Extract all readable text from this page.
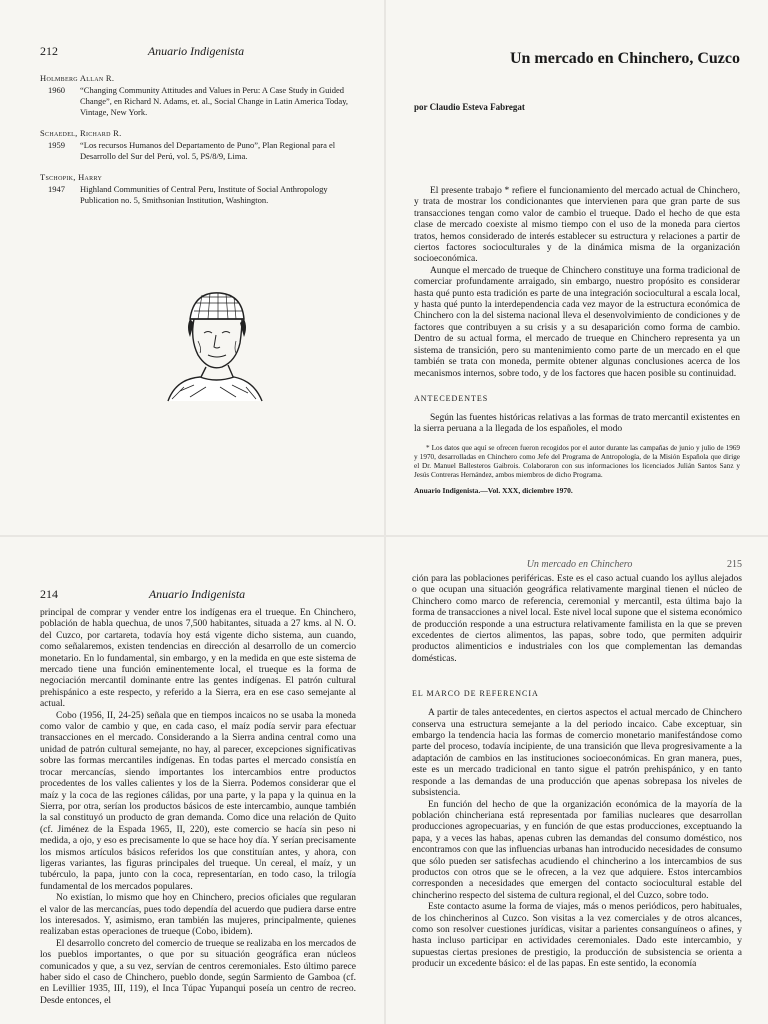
212	Anuario Indigenista
Holmberg Allan R.
1960	“Changing Community Attitudes and Values in Peru: A Case Study in Guided Change”, en Richard N. Adams, et. al., Social Change in Latin America Today, Vintage, New York.
Schaedel, Richard R.
1959	“Los recursos Humanos del Departamento de Puno”, Plan Regional para el Desarrollo del Sur del Perú, vol. 5, PS/8/9, Lima.
Tschopik, Harry
1947	Highland Communities of Central Peru, Institute of Social Anthropology Publication no. 5, Smithsonian Institution, Washington.
Un mercado en Chinchero, Cuzco
por Claudio Esteva Fabregat

El presente trabajo * refiere el funcionamiento del mercado actual de Chinchero, y trata de mostrar los condicionantes que intervienen para que gran parte de sus transacciones tengan como valor de cambio el trueque. Dado el hecho de que esta clase de mercado coexiste al mismo tiempo con el uso de la moneda para ciertos tratos, hemos considerado de interés establecer su estructura y relaciones a partir de ciertos factores socioculturales y de la dinámica misma de la organización socioeconómica.

Aunque el mercado de trueque de Chinchero constituye una forma tradicional de comerciar profundamente arraigado, sin embargo, nuestro propósito es considerar hasta qué punto esta tradición es parte de una integración sociocultural a escala local, y hasta qué punto la interdependencia cada vez mayor de la estructura económica de Chinchero con la del sistema nacional lleva el desenvolvimiento de condiciones y de factores que contribuyen a su crisis y a su desaparición como forma de cambio. Dentro de su actual forma, el mercado de trueque en Chinchero representa ya un sistema de transición, pero su mantenimiento como parte de un mercado en el que también se trata con moneda, permite obtener algunas conclusiones acerca de los mecanismos internos, sobre todo, y de los factores que hacen posible su continuidad.

ANTECEDENTES

Según las fuentes históricas relativas a las formas de trato mercantil existentes en la sierra peruana a la llegada de los españoles, el modo

* Los datos que aquí se ofrecen fueron recogidos por el autor durante las campañas de junio y julio de 1969 y 1970, desarrolladas en Chinchero como Jefe del Programa de Antropología, de la Misión Española que dirige el Dr. Manuel Ballesteros Gaibrois. Colaboraron con sus informaciones los licenciados Julián Santos Sanz y Jesús Contreras Hernández, ambos miembros de dicho Programa.
Anuario Indigenista.—Vol. XXX, diciembre 1970.
214	Anuario Indigenista

principal de comprar y vender entre los indígenas era el trueque. En Chinchero, población de habla quechua, de unos 7,500 habitantes, situada a 27 kms. al N. O. del Cuzco, por cartareta, todavía hoy está vigente dicho sistema, aun cuando, como señalaremos, existen tendencias en dirección al desarrollo de un comercio monetario. En lo fundamental, sin embargo, y en la medida en que este sistema de mercado tiene una función eminentemente local, el trueque es la forma de negociación mercantil dominante entre las gentes indígenas. El patrón cultural prehispánico a este respecto, y referido a la Sierra, era en ese caso semejante al actual.

Cobo (1956, II, 24-25) señala que en tiempos incaicos no se usaba la moneda como valor de cambio y que, en cada caso, el maíz podía servir para efectuar transacciones en el mercado. Considerando a la Sierra andina central como una unidad de patrón cultural semejante, no hay, al parecer, excepciones significativas sobre las formas mercantiles indígenas. En todas partes el mercado consistía en trocar mercancías, siendo importantes los intercambios entre productos procedentes de los valles calientes y los de la Sierra. Podemos considerar que el maíz y la coca de las regiones cálidas, por una parte, y la papa y la quinua en la Sierra, por otra, serían los productos básicos de este intercambio, aunque también la sal constituyó un producto de gran demanda. Como dice una relación de Quito (cf. Jiménez de la Espada 1965, II, 220), este comercio se hacía sin peso ni medida, a ojo, y eso es precisamente lo que se hace hoy día. Y serían precisamente los mismos artículos básicos referidos los que constituían antes, y ahora, con ligeras variantes, las figuras principales del trueque. Un cereal, el maíz, y un tubérculo, la papa, junto con la coca, representarían, en todo caso, la trilogía fundamental de los mercados populares.

No existían, lo mismo que hoy en Chinchero, precios oficiales que regularan el valor de las mercancías, pues todo dependía del acuerdo que pudiera darse entre los interesados. Y, asimismo, eran también las mujeres, principalmente, quienes realizaban estas operaciones de trueque (Cobo, ibidem).

El desarrollo concreto del comercio de trueque se realizaba en los mercados de los pueblos importantes, o que por su situación geográfica eran núcleos comunicados y que, a su vez, servían de centros ceremoniales. Esto último parece haber sido el caso de Chinchero, pueblo donde, según Sarmiento de Gamboa (cf. en Levillier 1935, III, 119), el Inca Túpac Yupanqui poseía un centro de recreo. Desde entonces, el

Un mercado en Chinchero	215

ción para las poblaciones periféricas. Este es el caso actual cuando los ayllus alejados o que ocupan una situación geográfica relativamente marginal tienen el núcleo de Chinchero como marco de referencia, ceremonial y mercantil, esta última bajo la forma de transacciones a nivel local. Este nivel local supone que el sistema económico de producción responde a una estructura relativamente familista en la que se preven excedentes de ciertos alimentos, las papas, sobre todo, que permiten adquirir productos alimenticios e industriales con los que complementan las demandas domésticas.

EL MARCO DE REFERENCIA

A partir de tales antecedentes, en ciertos aspectos el actual mercado de Chinchero conserva una estructura semejante a la del periodo incaico. Cabe exceptuar, sin embargo la tendencia hacia las formas de comercio monetario manifestándose como parte del proceso, todavía incipiente, de una transición que lleva progresivamente a la adaptación de cambios en las instituciones socioeconómicas. En gran manera, pues, este es un mercado tradicional en tanto sigue el patrón prehispánico, y en tanto responde a las demandas de una producción que apenas sobrepasa los niveles de subsistencia.

En función del hecho de que la organización económica de la mayoría de la población chincheriana está representada por familias nucleares que desarrollan producciones agropecuarias, y en función de que estas producciones, exceptuando la papa, y a veces las habas, apenas cubren las demandas del consumo doméstico, nos encontramos con que las influencias urbanas han introducido necesidades de consumo que sólo pueden ser satisfechas acudiendo el chincherino a los intercambios de sus productos con otros que se le ofrecen, a la vez que adquiere. Estos intercambios corresponden a necesidades que emergen del contacto sociocultural estable del chincherino respecto del sistema de cultura regional, el del Cuzco, sobre todo.

Este contacto asume la forma de viajes, más o menos periódicos, pero habituales, de los chincherinos al Cuzco. Son visitas a la vez comerciales y de otros alcances, como son resolver cuestiones jurídicas, visitar a parientes consanguíneos o afines, y hasta incluso participar en actividades ceremoniales. Dado este intercambio, y supuestas ciertas presiones de prestigio, la producción de subsistencia se orienta a producir un excedente básico: el de las papas. En este sentido, la economía
